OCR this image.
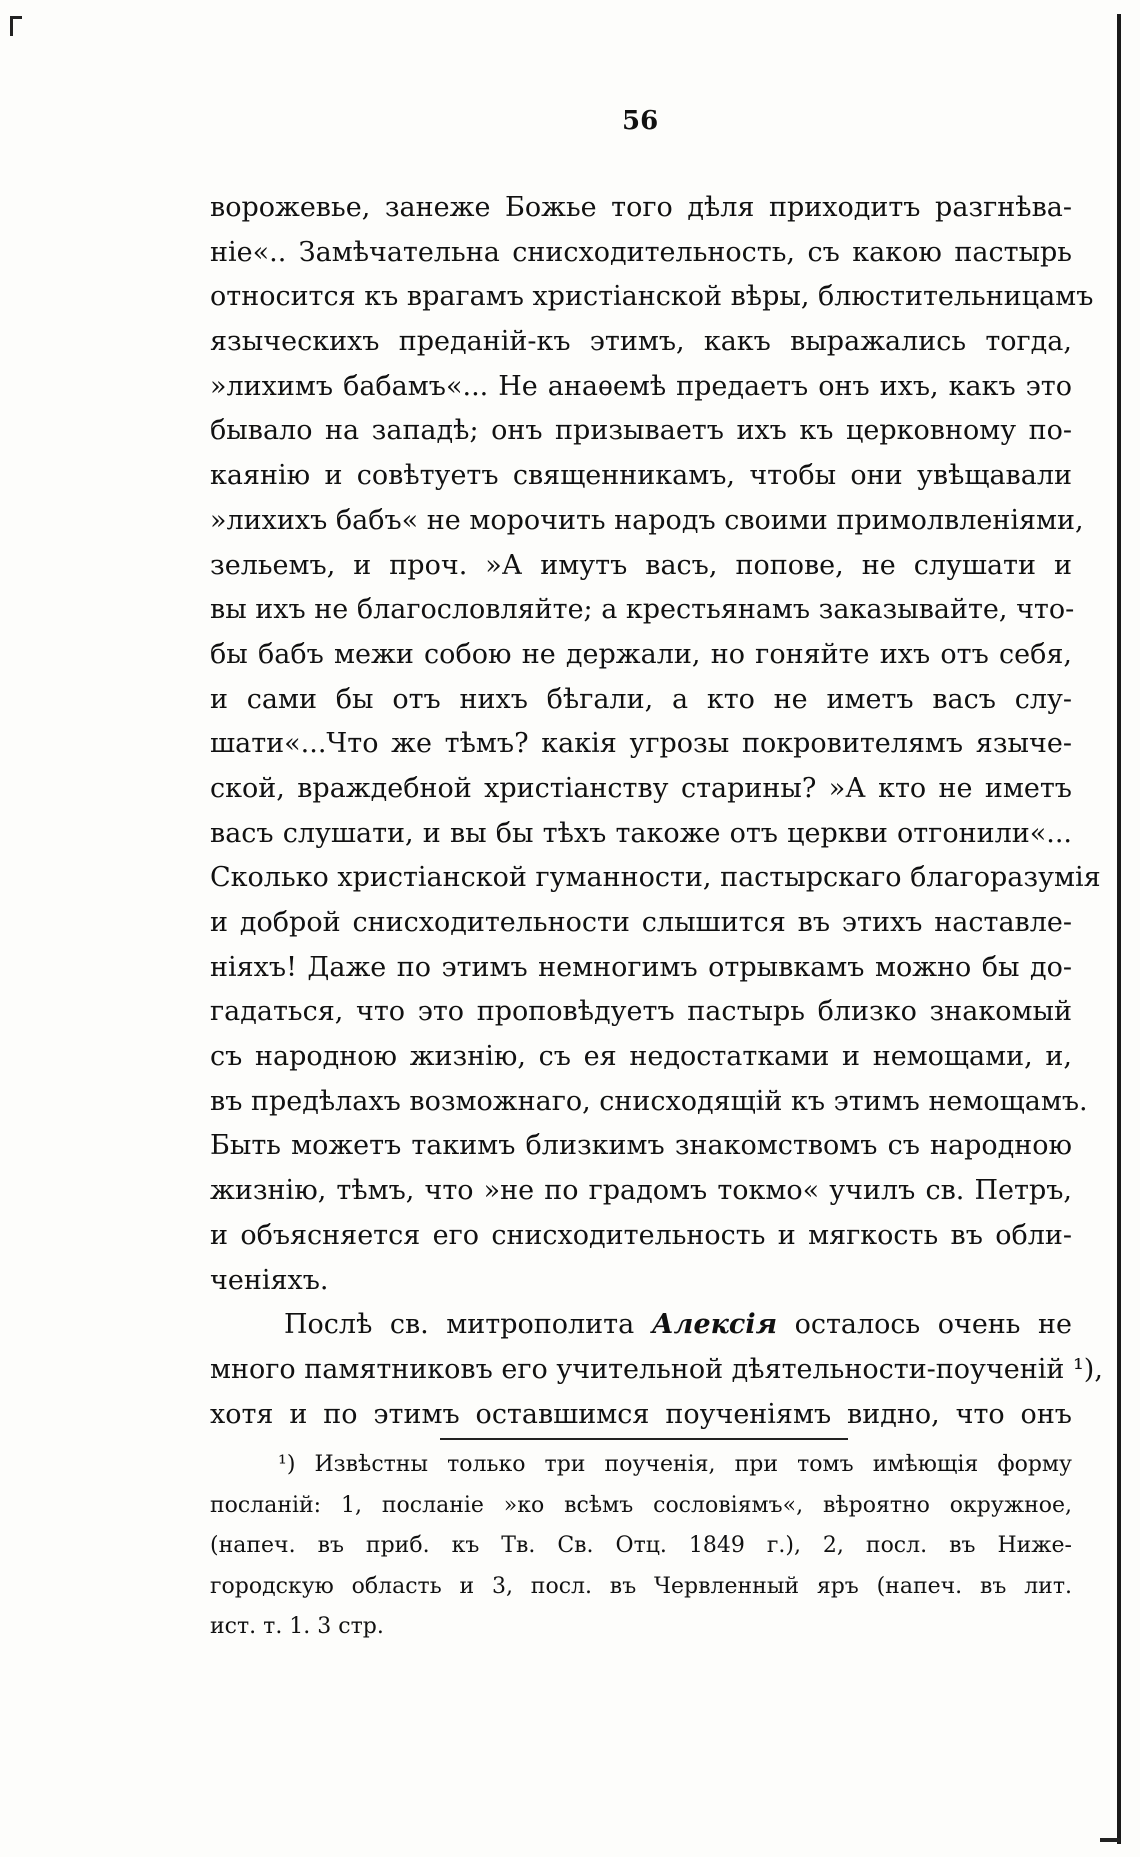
56
ворожевье, занеже Божье того дѣля приходитъ разгнѣва-
ніе«.. Замѣчательна снисходительность, съ какою пастырь
относится къ врагамъ христіанской вѣры, блюстительницамъ
языческихъ преданій-къ этимъ, какъ выражались тогда,
»лихимъ бабамъ«... Не анаѳемѣ предаетъ онъ ихъ, какъ это
бывало на западѣ; онъ призываетъ ихъ къ церковному по-
каянію и совѣтуетъ священникамъ, чтобы они увѣщавали
»лихихъ бабъ« не морочить народъ своими примолвленіями,
зельемъ, и проч. »А имутъ васъ, попове, не слушати и
вы ихъ не благословляйте; а крестьянамъ заказывайте, что-
бы бабъ межи собою не держали, но гоняйте ихъ отъ себя,
и сами бы отъ нихъ бѣгали, а кто не иметъ васъ слу-
шати«...Что же тѣмъ? какія угрозы покровителямъ языче-
ской, враждебной христіанству старины? »А кто не иметъ
васъ слушати, и вы бы тѣхъ такоже отъ церкви отгонили«...
Сколько христіанской гуманности, пастырскаго благоразумія
и доброй снисходительности слышится въ этихъ наставле-
ніяхъ! Даже по этимъ немногимъ отрывкамъ можно бы до-
гадаться, что это проповѣдуетъ пастырь близко знакомый
съ народною жизнію, съ ея недостатками и немощами, и,
въ предѣлахъ возможнаго, снисходящій къ этимъ немощамъ.
Быть можетъ такимъ близкимъ знакомствомъ съ народною
жизнію, тѣмъ, что »не по градомъ токмо« училъ св. Петръ,
и объясняется его снисходительность и мягкость въ обли-
ченіяхъ.
Послѣ св. митрополита Алексія осталось очень не
много памятниковъ его учительной дѣятельности-поученій ¹),
хотя и по этимъ оставшимся поученіямъ видно, что онъ
¹) Извѣстны только три поученія, при томъ имѣющія форму
посланій: 1, посланіе »ко всѣмъ сословіямъ«, вѣроятно окружное,
(напеч. въ приб. къ Тв. Св. Отц. 1849 г.), 2, посл. въ Ниже-
городскую область и 3, посл. въ Червленный яръ (напеч. въ лит.
ист. т. 1. 3 стр.
